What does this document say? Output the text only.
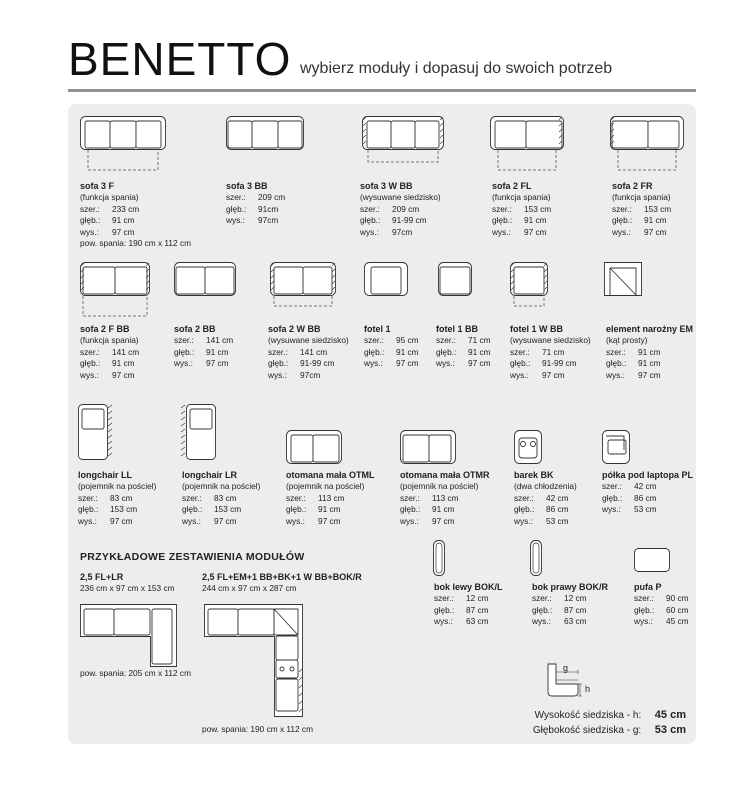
BENETTO wybierz moduły i dopasuj do swoich potrzeb
sofa 3 F
(funkcja spania)
szer.: 233 cm
głęb.: 91 cm
wys.: 97 cm
pow. spania: 190 cm x 112 cm
sofa 3 BB
szer.: 209 cm
głęb.: 91cm
wys.: 97cm
sofa 3 W BB
(wysuwane siedzisko)
szer.: 209 cm
głęb.: 91-99 cm
wys.: 97cm
sofa 2 FL
(funkcja spania)
szer.: 153 cm
głęb.: 91 cm
wys.: 97 cm
sofa 2 FR
(funkcja spania)
szer.: 153 cm
głęb.: 91 cm
wys.: 97 cm
sofa 2 F BB
(funkcja spania)
szer.: 141 cm
głęb.: 91 cm
wys.: 97 cm
sofa 2 BB
szer.: 141 cm
głęb.: 91 cm
wys.: 97 cm
sofa 2 W BB
(wysuwane siedzisko)
szer.: 141 cm
głęb.: 91-99 cm
wys.: 97cm
fotel 1
szer.: 95 cm
głęb.: 91 cm
wys.: 97 cm
fotel 1 BB
szer.: 71 cm
głęb.: 91 cm
wys.: 97 cm
fotel 1 W BB
(wysuwane siedzisko)
szer.: 71 cm
głęb.: 91-99 cm
wys.: 97 cm
element narożny EM
(kąt prosty)
szer.: 91 cm
głęb.: 91 cm
wys.: 97 cm
longchair LL
(pojemnik na pościel)
szer.: 83 cm
głęb.: 153 cm
wys.: 97 cm
longchair LR
(pojemnik na pościel)
szer.: 83 cm
głęb.: 153 cm
wys.: 97 cm
otomana mała OTML
(pojemnik na pościel)
szer.: 113 cm
głęb.: 91 cm
wys.: 97 cm
otomana mała OTMR
(pojemnik na pościel)
szer.: 113 cm
głęb.: 91 cm
wys.: 97 cm
barek BK
(dwa chłodzenia)
szer.: 42 cm
głęb.: 86 cm
wys.: 53 cm
półka pod laptopa PL
szer.: 42 cm
głęb.: 86 cm
wys.: 53 cm
PRZYKŁADOWE ZESTAWIENIA MODUŁÓW
2,5 FL+LR
236 cm x 97 cm x 153 cm
2,5 FL+EM+1 BB+BK+1 W BB+BOK/R
244 cm x 97 cm x 287 cm
pow. spania: 205 cm x 112 cm
pow. spania: 190 cm x 112 cm
bok lewy BOK/L
szer.: 12 cm
głęb.: 87 cm
wys.: 63 cm
bok prawy BOK/R
szer.: 12 cm
głęb.: 87 cm
wys.: 63 cm
pufa P
szer.: 90 cm
głęb.: 60 cm
wys.: 45 cm
g
h
Wysokość siedziska - h: 45 cm
Głębokość siedziska - g: 53 cm
